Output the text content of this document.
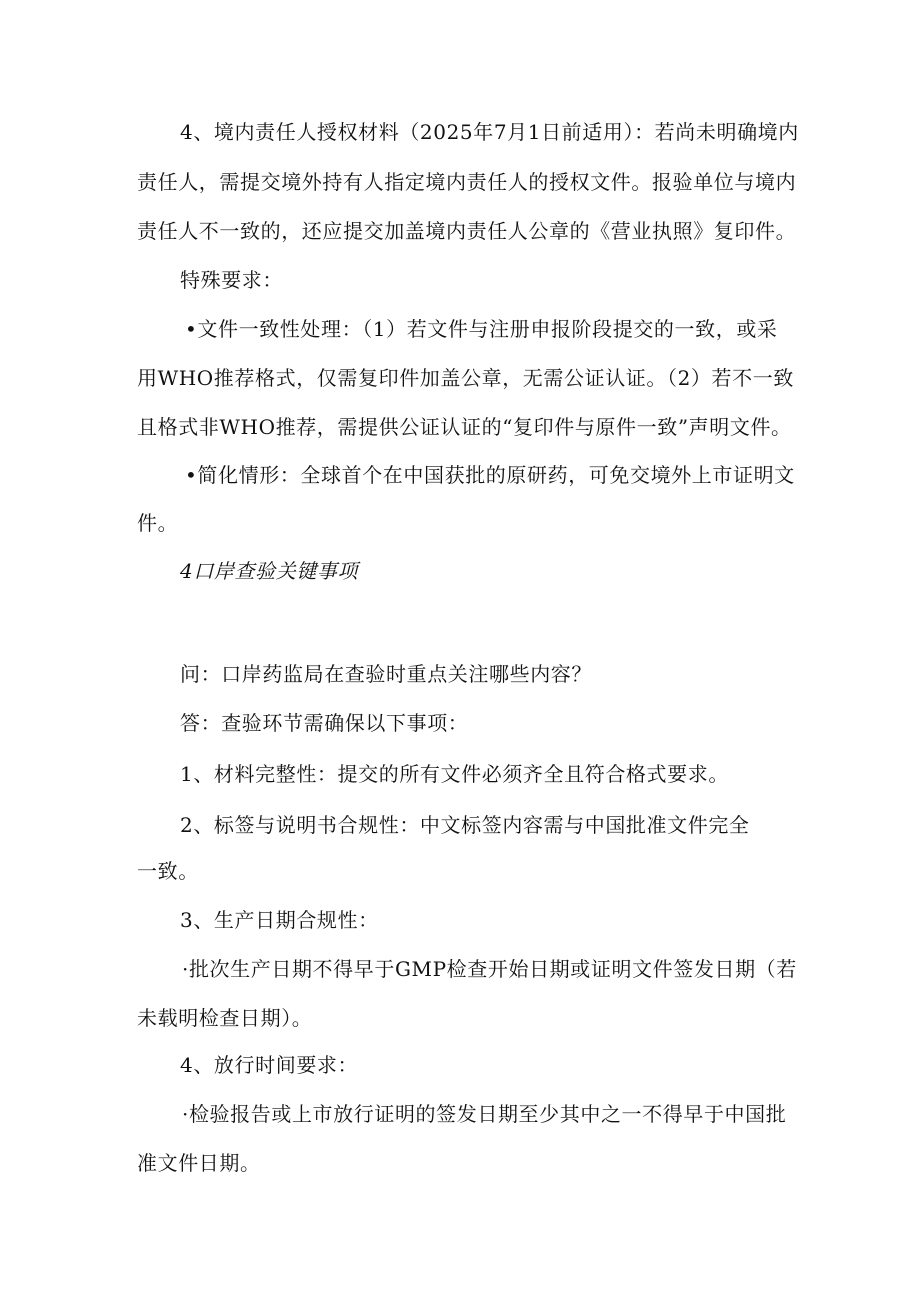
4、境内责任人授权材料（2025年7月1日前适用）：若尚未明确境内
责任人，需提交境外持有人指定境内责任人的授权文件。报验单位与境内
责任人不一致的，还应提交加盖境内责任人公章的《营业执照》复印件。
特殊要求：
•文件一致性处理：（1）若文件与注册申报阶段提交的一致，或采
用WHO推荐格式，仅需复印件加盖公章，无需公证认证。（2）若不一致
且格式非WHO推荐，需提供公证认证的“复印件与原件一致”声明文件。
•简化情形：全球首个在中国获批的原研药，可免交境外上市证明文
件。
4口岸查验关键事项
问：口岸药监局在查验时重点关注哪些内容？
答：查验环节需确保以下事项：
1、材料完整性：提交的所有文件必须齐全且符合格式要求。
2、标签与说明书合规性：中文标签内容需与中国批准文件完全
一致。
3、生产日期合规性：
·批次生产日期不得早于GMP检查开始日期或证明文件签发日期（若
未载明检查日期）。
4、放行时间要求：
·检验报告或上市放行证明的签发日期至少其中之一不得早于中国批
准文件日期。
